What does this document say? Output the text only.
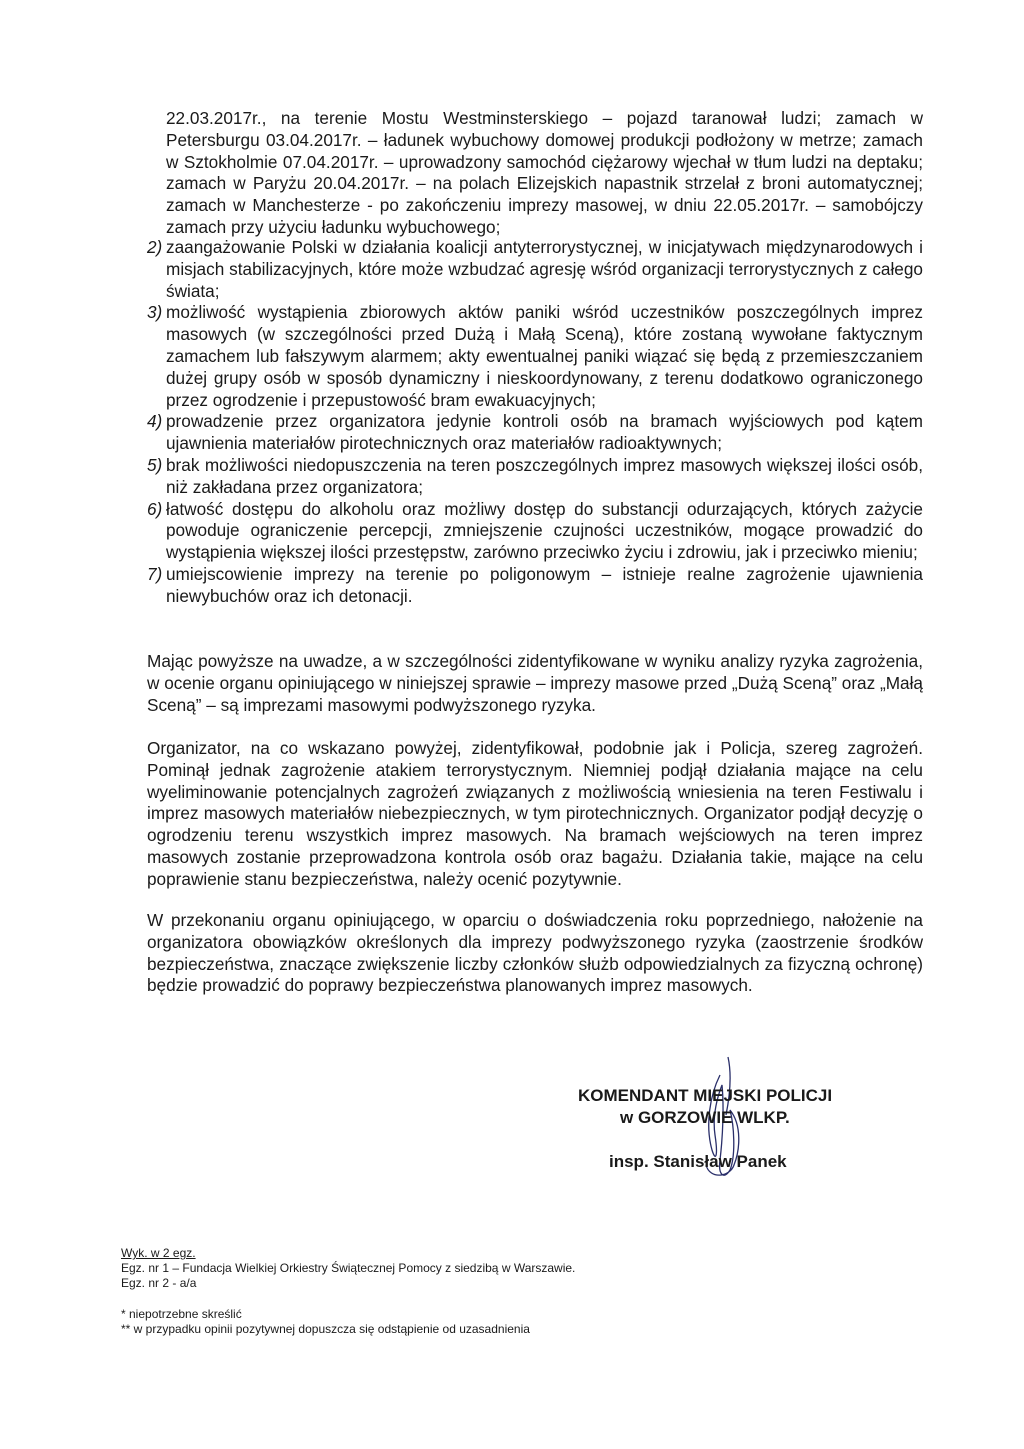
22.03.2017r., na terenie Mostu Westminsterskiego – pojazd taranował ludzi; zamach w Petersburgu 03.04.2017r. – ładunek wybuchowy domowej produkcji podłożony w metrze; zamach w Sztokholmie 07.04.2017r. – uprowadzony samochód ciężarowy wjechał w tłum ludzi na deptaku; zamach w Paryżu 20.04.2017r. – na polach Elizejskich napastnik strzelał z broni automatycznej; zamach w Manchesterze - po zakończeniu imprezy masowej, w dniu 22.05.2017r. – samobójczy zamach przy użyciu ładunku wybuchowego;
2) zaangażowanie Polski w działania koalicji antyterrorystycznej, w inicjatywach międzynarodowych i misjach stabilizacyjnych, które może wzbudzać agresję wśród organizacji terrorystycznych z całego świata;
3) możliwość wystąpienia zbiorowych aktów paniki wśród uczestników poszczególnych imprez masowych (w szczególności przed Dużą i Małą Sceną), które zostaną wywołane faktycznym zamachem lub fałszywym alarmem; akty ewentualnej paniki wiązać się będą z przemieszczaniem dużej grupy osób w sposób dynamiczny i nieskoordynowany, z terenu dodatkowo ograniczonego przez ogrodzenie i przepustowość bram ewakuacyjnych;
4) prowadzenie przez organizatora jedynie kontroli osób na bramach wyjściowych pod kątem ujawnienia materiałów pirotechnicznych oraz materiałów radioaktywnych;
5) brak możliwości niedopuszczenia na teren poszczególnych imprez masowych większej ilości osób, niż zakładana przez organizatora;
6) łatwość dostępu do alkoholu oraz możliwy dostęp do substancji odurzających, których zażycie powoduje ograniczenie percepcji, zmniejszenie czujności uczestników, mogące prowadzić do wystąpienia większej ilości przestępstw, zarówno przeciwko życiu i zdrowiu, jak i przeciwko mieniu;
7) umiejscowienie imprezy na terenie po poligonowym – istnieje realne zagrożenie ujawnienia niewybuchów oraz ich detonacji.
Mając powyższe na uwadze, a w szczególności zidentyfikowane w wyniku analizy ryzyka zagrożenia, w ocenie organu opiniującego w niniejszej sprawie – imprezy masowe przed „Dużą Sceną” oraz „Małą Sceną” – są imprezami masowymi podwyższonego ryzyka.
Organizator, na co wskazano powyżej, zidentyfikował, podobnie jak i Policja, szereg zagrożeń. Pominął jednak zagrożenie atakiem terrorystycznym. Niemniej podjął działania mające na celu wyeliminowanie potencjalnych zagrożeń związanych z możliwością wniesienia na teren Festiwalu i imprez masowych materiałów niebezpiecznych, w tym pirotechnicznych. Organizator podjął decyzję o ogrodzeniu terenu wszystkich imprez masowych. Na bramach wejściowych na teren imprez masowych zostanie przeprowadzona kontrola osób oraz bagażu. Działania takie, mające na celu poprawienie stanu bezpieczeństwa, należy ocenić pozytywnie.
W przekonaniu organu opiniującego, w oparciu o doświadczenia roku poprzedniego, nałożenie na organizatora obowiązków określonych dla imprezy podwyższonego ryzyka (zaostrzenie środków bezpieczeństwa, znaczące zwiększenie liczby członków służb odpowiedzialnych za fizyczną ochronę) będzie prowadzić do poprawy bezpieczeństwa planowanych imprez masowych.
KOMENDANT MIEJSKI POLICJI
w GORZOWIE WLKP.
insp. Stanisław Panek
Wyk. w 2 egz.
Egz. nr 1 – Fundacja Wielkiej Orkiestry Świątecznej Pomocy z siedzibą w Warszawie.
Egz. nr 2 - a/a
* niepotrzebne skreślić
** w przypadku opinii pozytywnej dopuszcza się odstąpienie od uzasadnienia
